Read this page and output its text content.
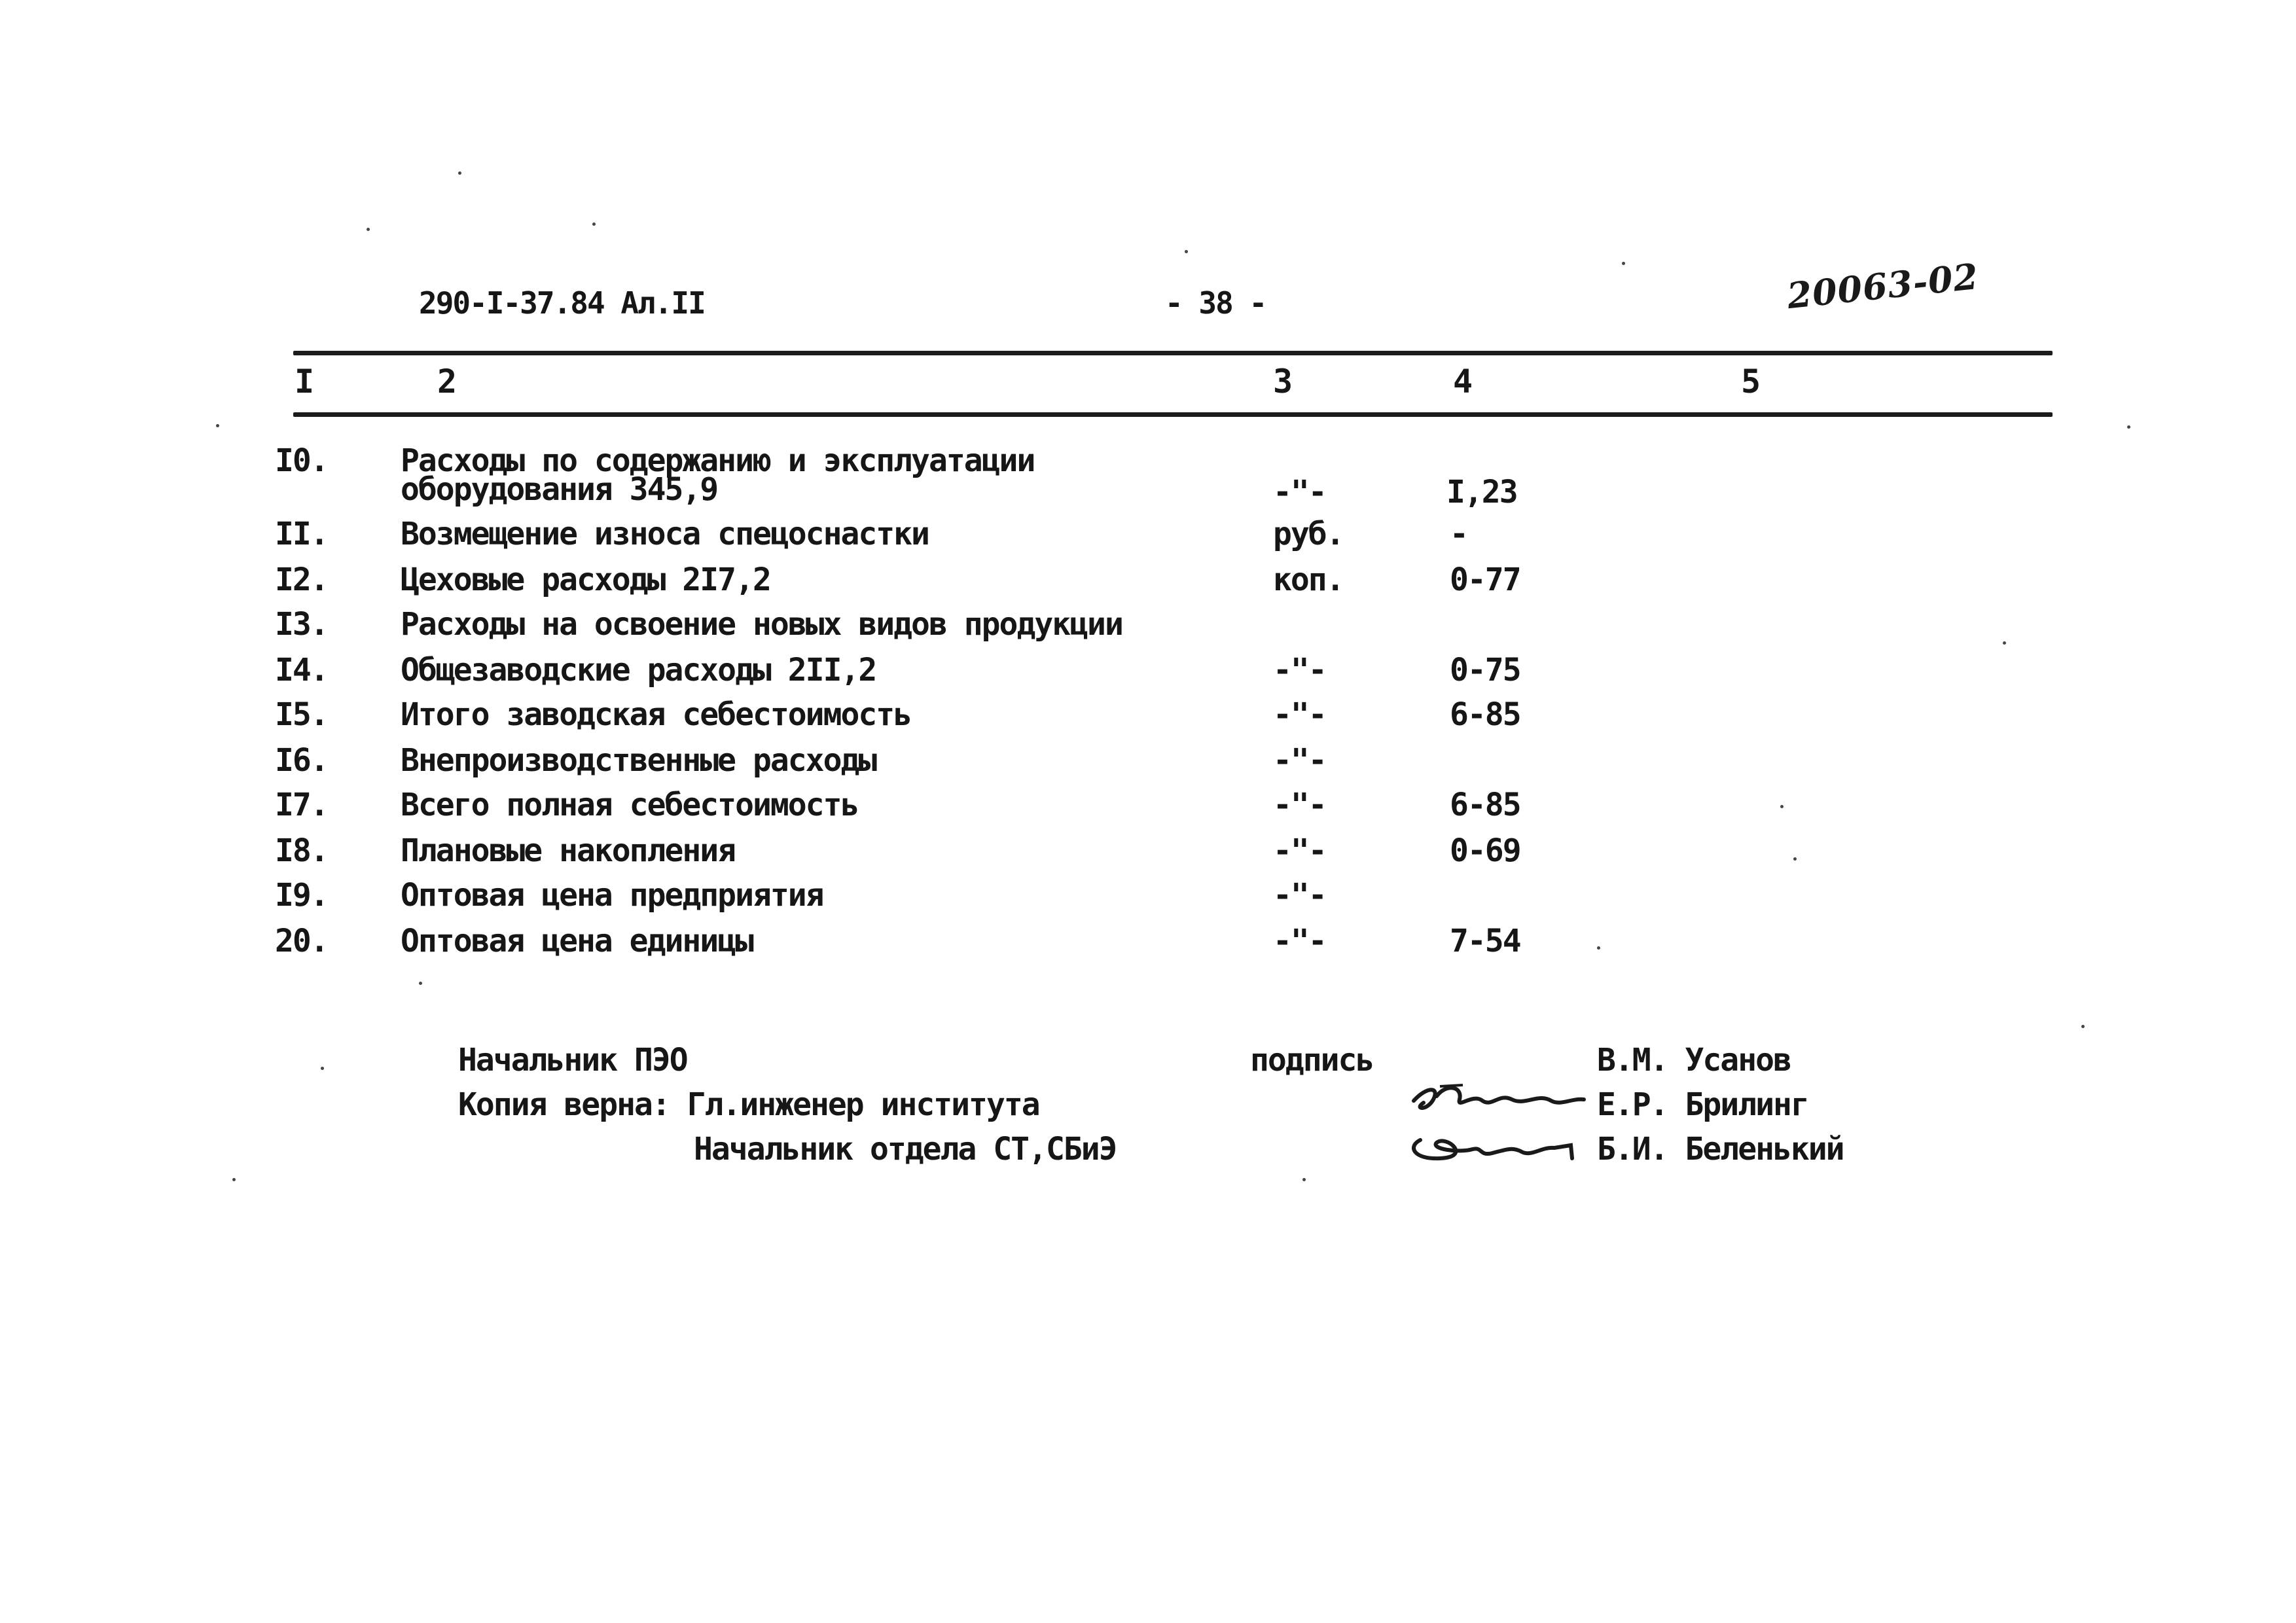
290-I-37.84 Ал.II	- 38 -	20063-02
I	2	3	4	5
I0. Расходы по содержанию и эксплуатации
оборудования 345,9	-"-	I,23
II. Возмещение износа спецоснастки	руб.	-
I2. Цеховые расходы 2I7,2	коп.	0-77
I3. Расходы на освоение новых видов продукции
I4. Общезаводские расходы 2II,2	-"-	0-75
I5. Итого заводская себестоимость	-"-	6-85
I6. Внепроизводственные расходы	-"-
I7. Всего полная себестоимость	-"-	6-85
I8. Плановые накопления	-"-	0-69
I9. Оптовая цена предприятия	-"-
20. Оптовая цена единицы	-"-	7-54
Начальник ПЭО	подпись	В.М. Усанов
Копия верна: Гл.инженер института	Е.Р. Брилинг
Начальник отдела СТ,СБиЭ	Б.И. Беленький
